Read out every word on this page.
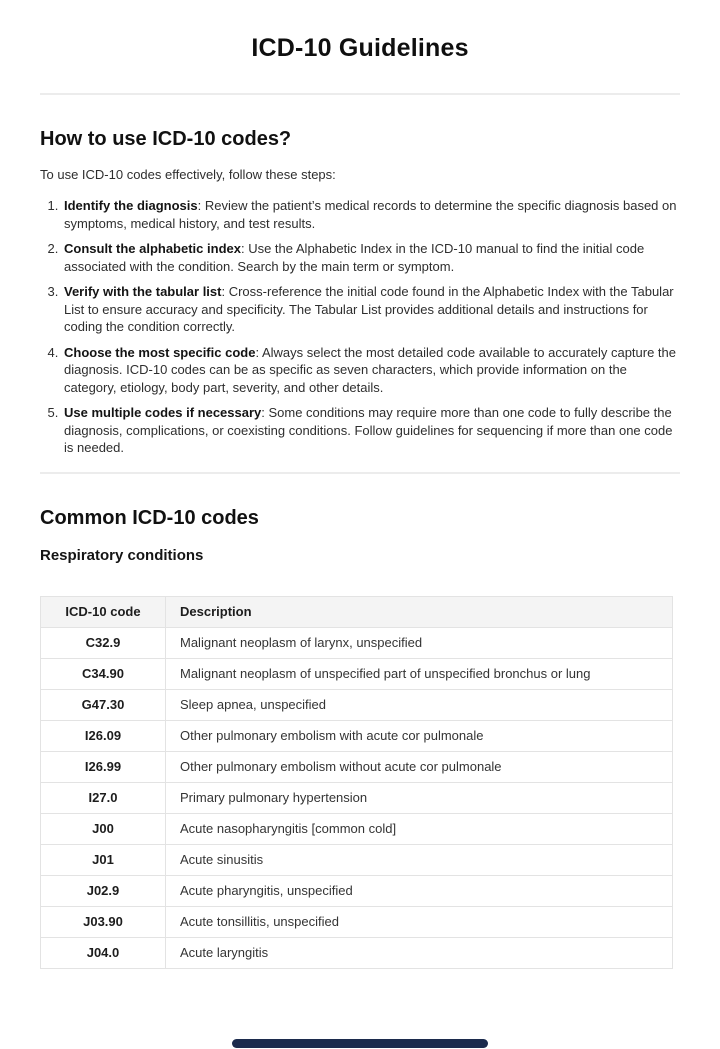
ICD-10 Guidelines
How to use ICD-10 codes?

To use ICD-10 codes effectively, follow these steps:

1. Identify the diagnosis: Review the patient’s medical records to determine the specific diagnosis based on symptoms, medical history, and test results.
2. Consult the alphabetic index: Use the Alphabetic Index in the ICD-10 manual to find the initial code associated with the condition. Search by the main term or symptom.
3. Verify with the tabular list: Cross-reference the initial code found in the Alphabetic Index with the Tabular List to ensure accuracy and specificity. The Tabular List provides additional details and instructions for coding the condition correctly.
4. Choose the most specific code: Always select the most detailed code available to accurately capture the diagnosis. ICD-10 codes can be as specific as seven characters, which provide information on the category, etiology, body part, severity, and other details.
5. Use multiple codes if necessary: Some conditions may require more than one code to fully describe the diagnosis, complications, or coexisting conditions. Follow guidelines for sequencing if more than one code is needed.
Common ICD-10 codes
Respiratory conditions
ICD-10 code	Description
C32.9	Malignant neoplasm of larynx, unspecified
C34.90	Malignant neoplasm of unspecified part of unspecified bronchus or lung
G47.30	Sleep apnea, unspecified
I26.09	Other pulmonary embolism with acute cor pulmonale
I26.99	Other pulmonary embolism without acute cor pulmonale
I27.0	Primary pulmonary hypertension
J00	Acute nasopharyngitis [common cold]
J01	Acute sinusitis
J02.9	Acute pharyngitis, unspecified
J03.90	Acute tonsillitis, unspecified
J04.0	Acute laryngitis
